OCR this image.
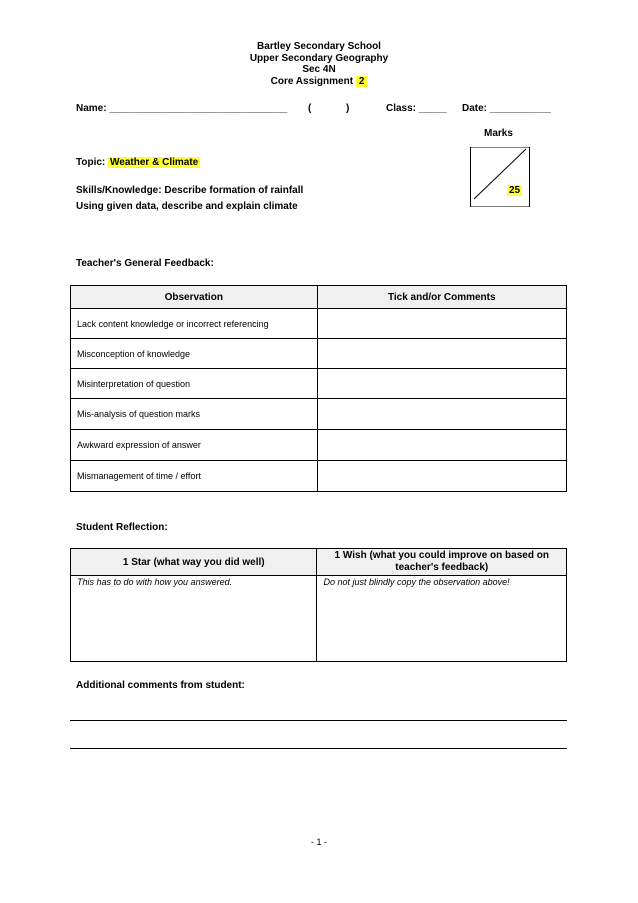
Bartley Secondary School
Upper Secondary Geography
Sec 4N
Core Assignment 2
Name: ________________________________ (	)	Class: _____ Date: ___________
Marks
25
Topic: Weather & Climate
Skills/Knowledge: Describe formation of rainfall
Using given data, describe and explain climate
Teacher's General Feedback:
Observation	Tick and/or Comments
Lack content knowledge or incorrect referencing	
Misconception of knowledge	
Misinterpretation of question	
Mis-analysis of question marks	
Awkward expression of answer	
Mismanagement of time / effort	
Student Reflection:
1 Star (what way you did well)	1 Wish (what you could improve on based on teacher's feedback)
This has to do with how you answered.	Do not just blindly copy the observation above!
Additional comments from student:
- 1 -
